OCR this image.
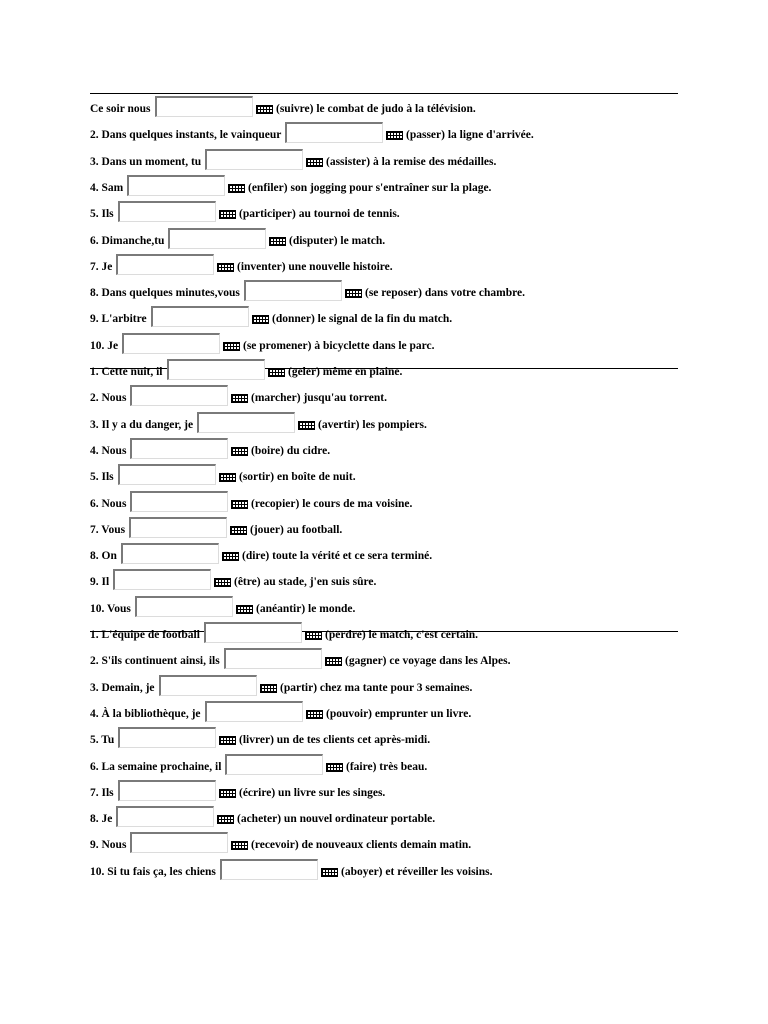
Ce soir nous	(suivre) le combat de judo à la télévision.
2. Dans quelques instants, le vainqueur	(passer) la ligne d'arrivée.
3. Dans un moment, tu	(assister) à la remise des médailles.
4. Sam	(enfiler) son jogging pour s'entraîner sur la plage.
5. Ils	(participer) au tournoi de tennis.
6. Dimanche,tu	(disputer) le match.
7. Je	(inventer) une nouvelle histoire.
8. Dans quelques minutes,vous	(se reposer) dans votre chambre.
9. L'arbitre	(donner) le signal de la fin du match.
10. Je	(se promener) à bicyclette dans le parc.
1. Cette nuit, il	(geler) même en plaine.
2. Nous	(marcher) jusqu'au torrent.
3. Il y a du danger, je	(avertir) les pompiers.
4. Nous	(boire) du cidre.
5. Ils	(sortir) en boîte de nuit.
6. Nous	(recopier) le cours de ma voisine.
7. Vous	(jouer) au football.
8. On	(dire) toute la vérité et ce sera terminé.
9. Il	(être) au stade, j'en suis sûre.
10. Vous	(anéantir) le monde.
1. L'équipe de football	(perdre) le match, c'est certain.
2. S'ils continuent ainsi, ils	(gagner) ce voyage dans les Alpes.
3. Demain, je	(partir) chez ma tante pour 3 semaines.
4. À la bibliothèque, je	(pouvoir) emprunter un livre.
5. Tu	(livrer) un de tes clients cet après-midi.
6. La semaine prochaine, il	(faire) très beau.
7. Ils	(écrire) un livre sur les singes.
8. Je	(acheter) un nouvel ordinateur portable.
9. Nous	(recevoir) de nouveaux clients demain matin.
10. Si tu fais ça, les chiens	(aboyer) et réveiller les voisins.
